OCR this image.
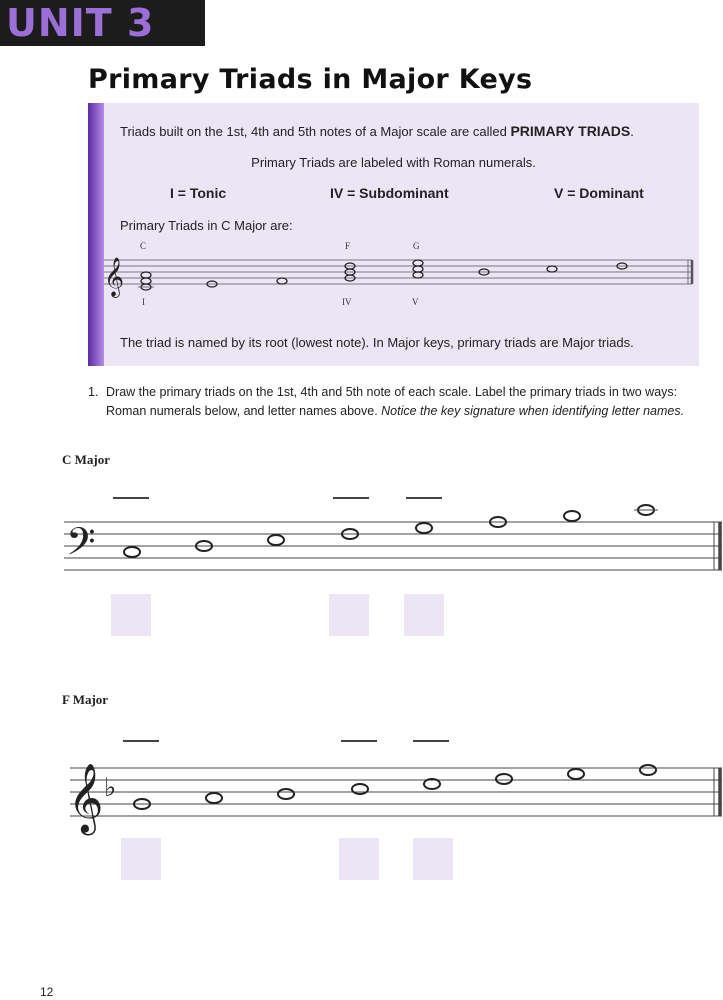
UNIT 3
Primary Triads in Major Keys
Triads built on the 1st, 4th and 5th notes of a Major scale are called PRIMARY TRIADS.
Primary Triads are labeled with Roman numerals.
I = Tonic	IV = Subdominant	V = Dominant
Primary Triads in C Major are:
C	F	G
I	IV	V
The triad is named by its root (lowest note). In Major keys, primary triads are Major triads.
𝄞
1. Draw the primary triads on the 1st, 4th and 5th note of each scale. Label the primary triads in two ways: Roman numerals below, and letter names above. Notice the key signature when identifying letter names.
C Major
𝄢
F Major
𝄞 ♭
12
